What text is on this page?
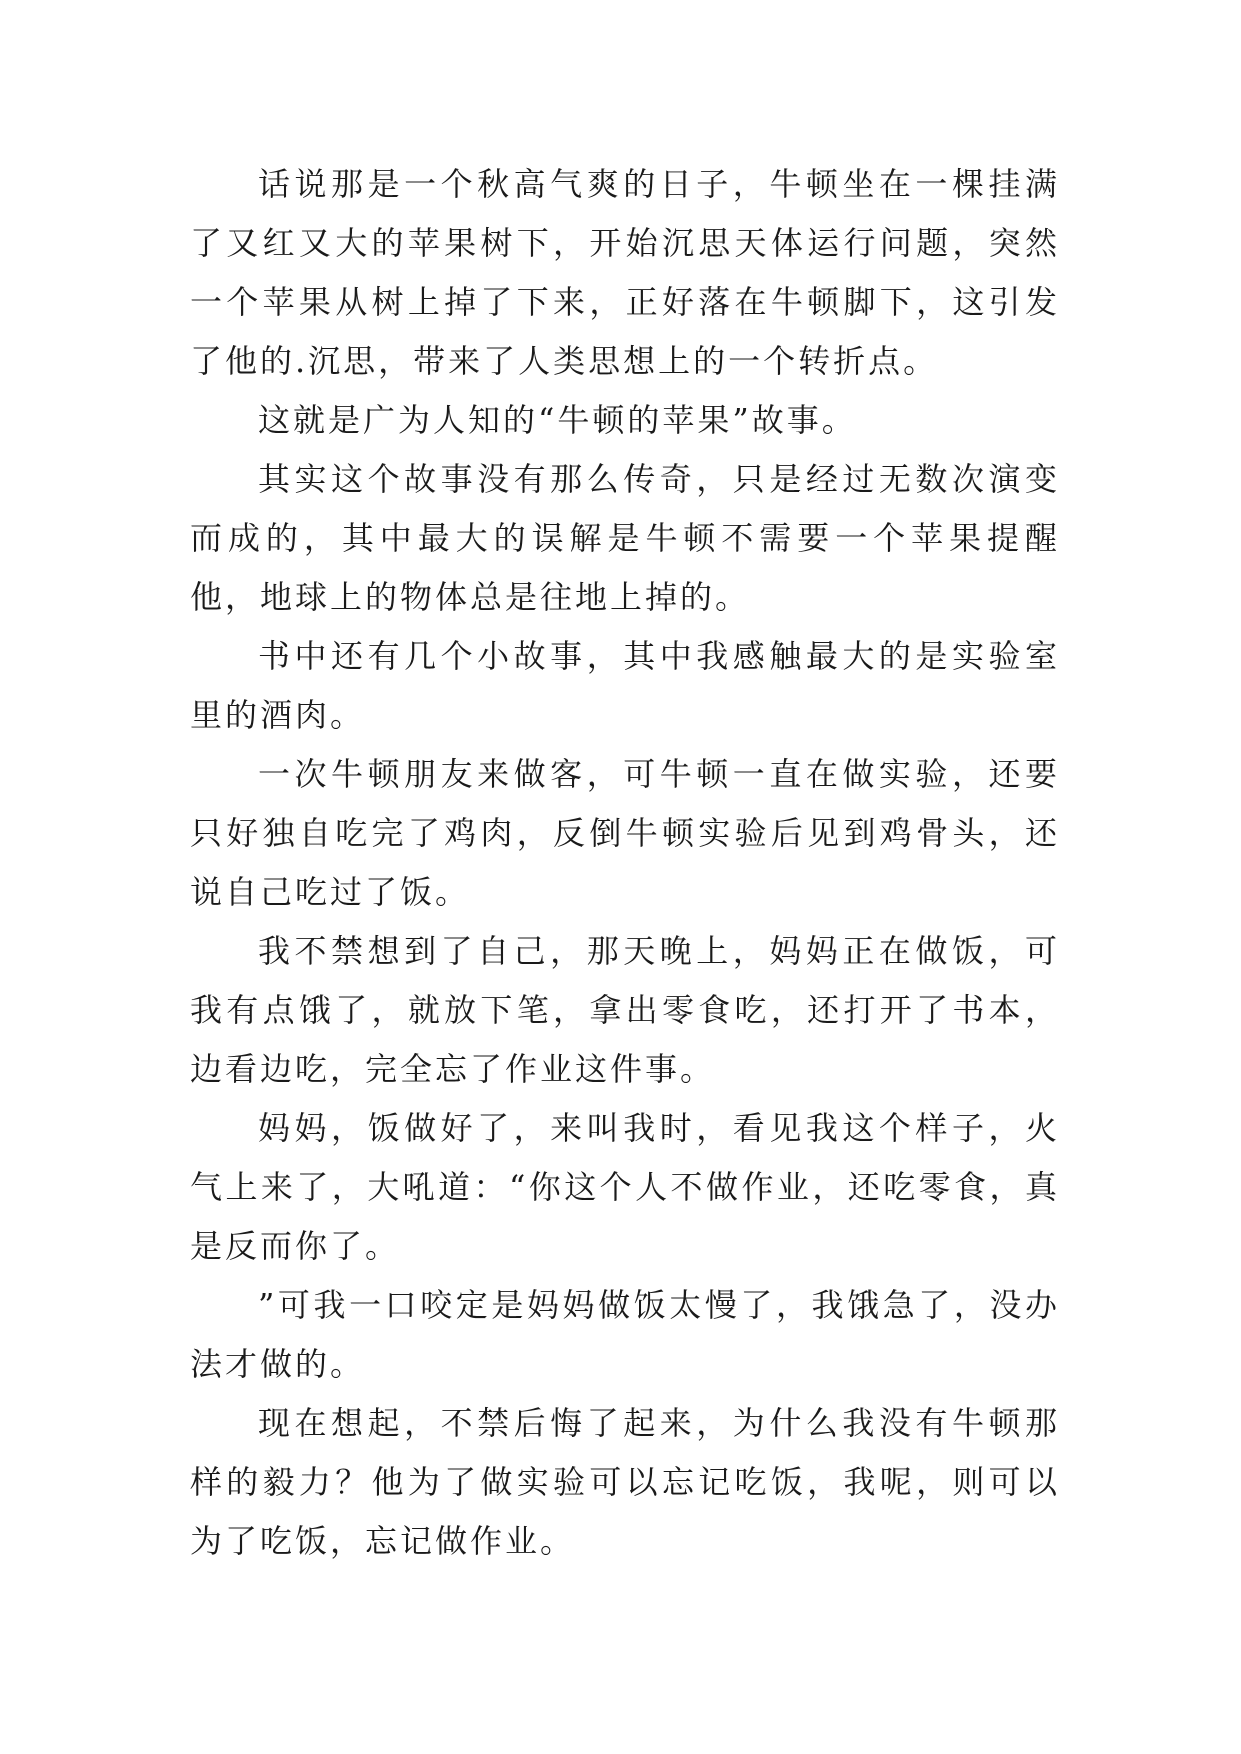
话说那是一个秋高气爽的日子，牛顿坐在一棵挂满了又红又大的苹果树下，开始沉思天体运行问题，突然一个苹果从树上掉了下来，正好落在牛顿脚下，这引发了他的.沉思，带来了人类思想上的一个转折点。

这就是广为人知的“牛顿的苹果”故事。

其实这个故事没有那么传奇，只是经过无数次演变而成的，其中最大的误解是牛顿不需要一个苹果提醒他，地球上的物体总是往地上掉的。

书中还有几个小故事，其中我感触最大的是实验室里的酒肉。

一次牛顿朋友来做客，可牛顿一直在做实验，还要只好独自吃完了鸡肉，反倒牛顿实验后见到鸡骨头，还说自己吃过了饭。

我不禁想到了自己，那天晚上，妈妈正在做饭，可我有点饿了，就放下笔，拿出零食吃，还打开了书本，边看边吃，完全忘了作业这件事。

妈妈，饭做好了，来叫我时，看见我这个样子，火气上来了，大吼道：“你这个人不做作业，还吃零食，真是反而你了。

”可我一口咬定是妈妈做饭太慢了，我饿急了，没办法才做的。

现在想起，不禁后悔了起来，为什么我没有牛顿那样的毅力？他为了做实验可以忘记吃饭，我呢，则可以为了吃饭，忘记做作业。
